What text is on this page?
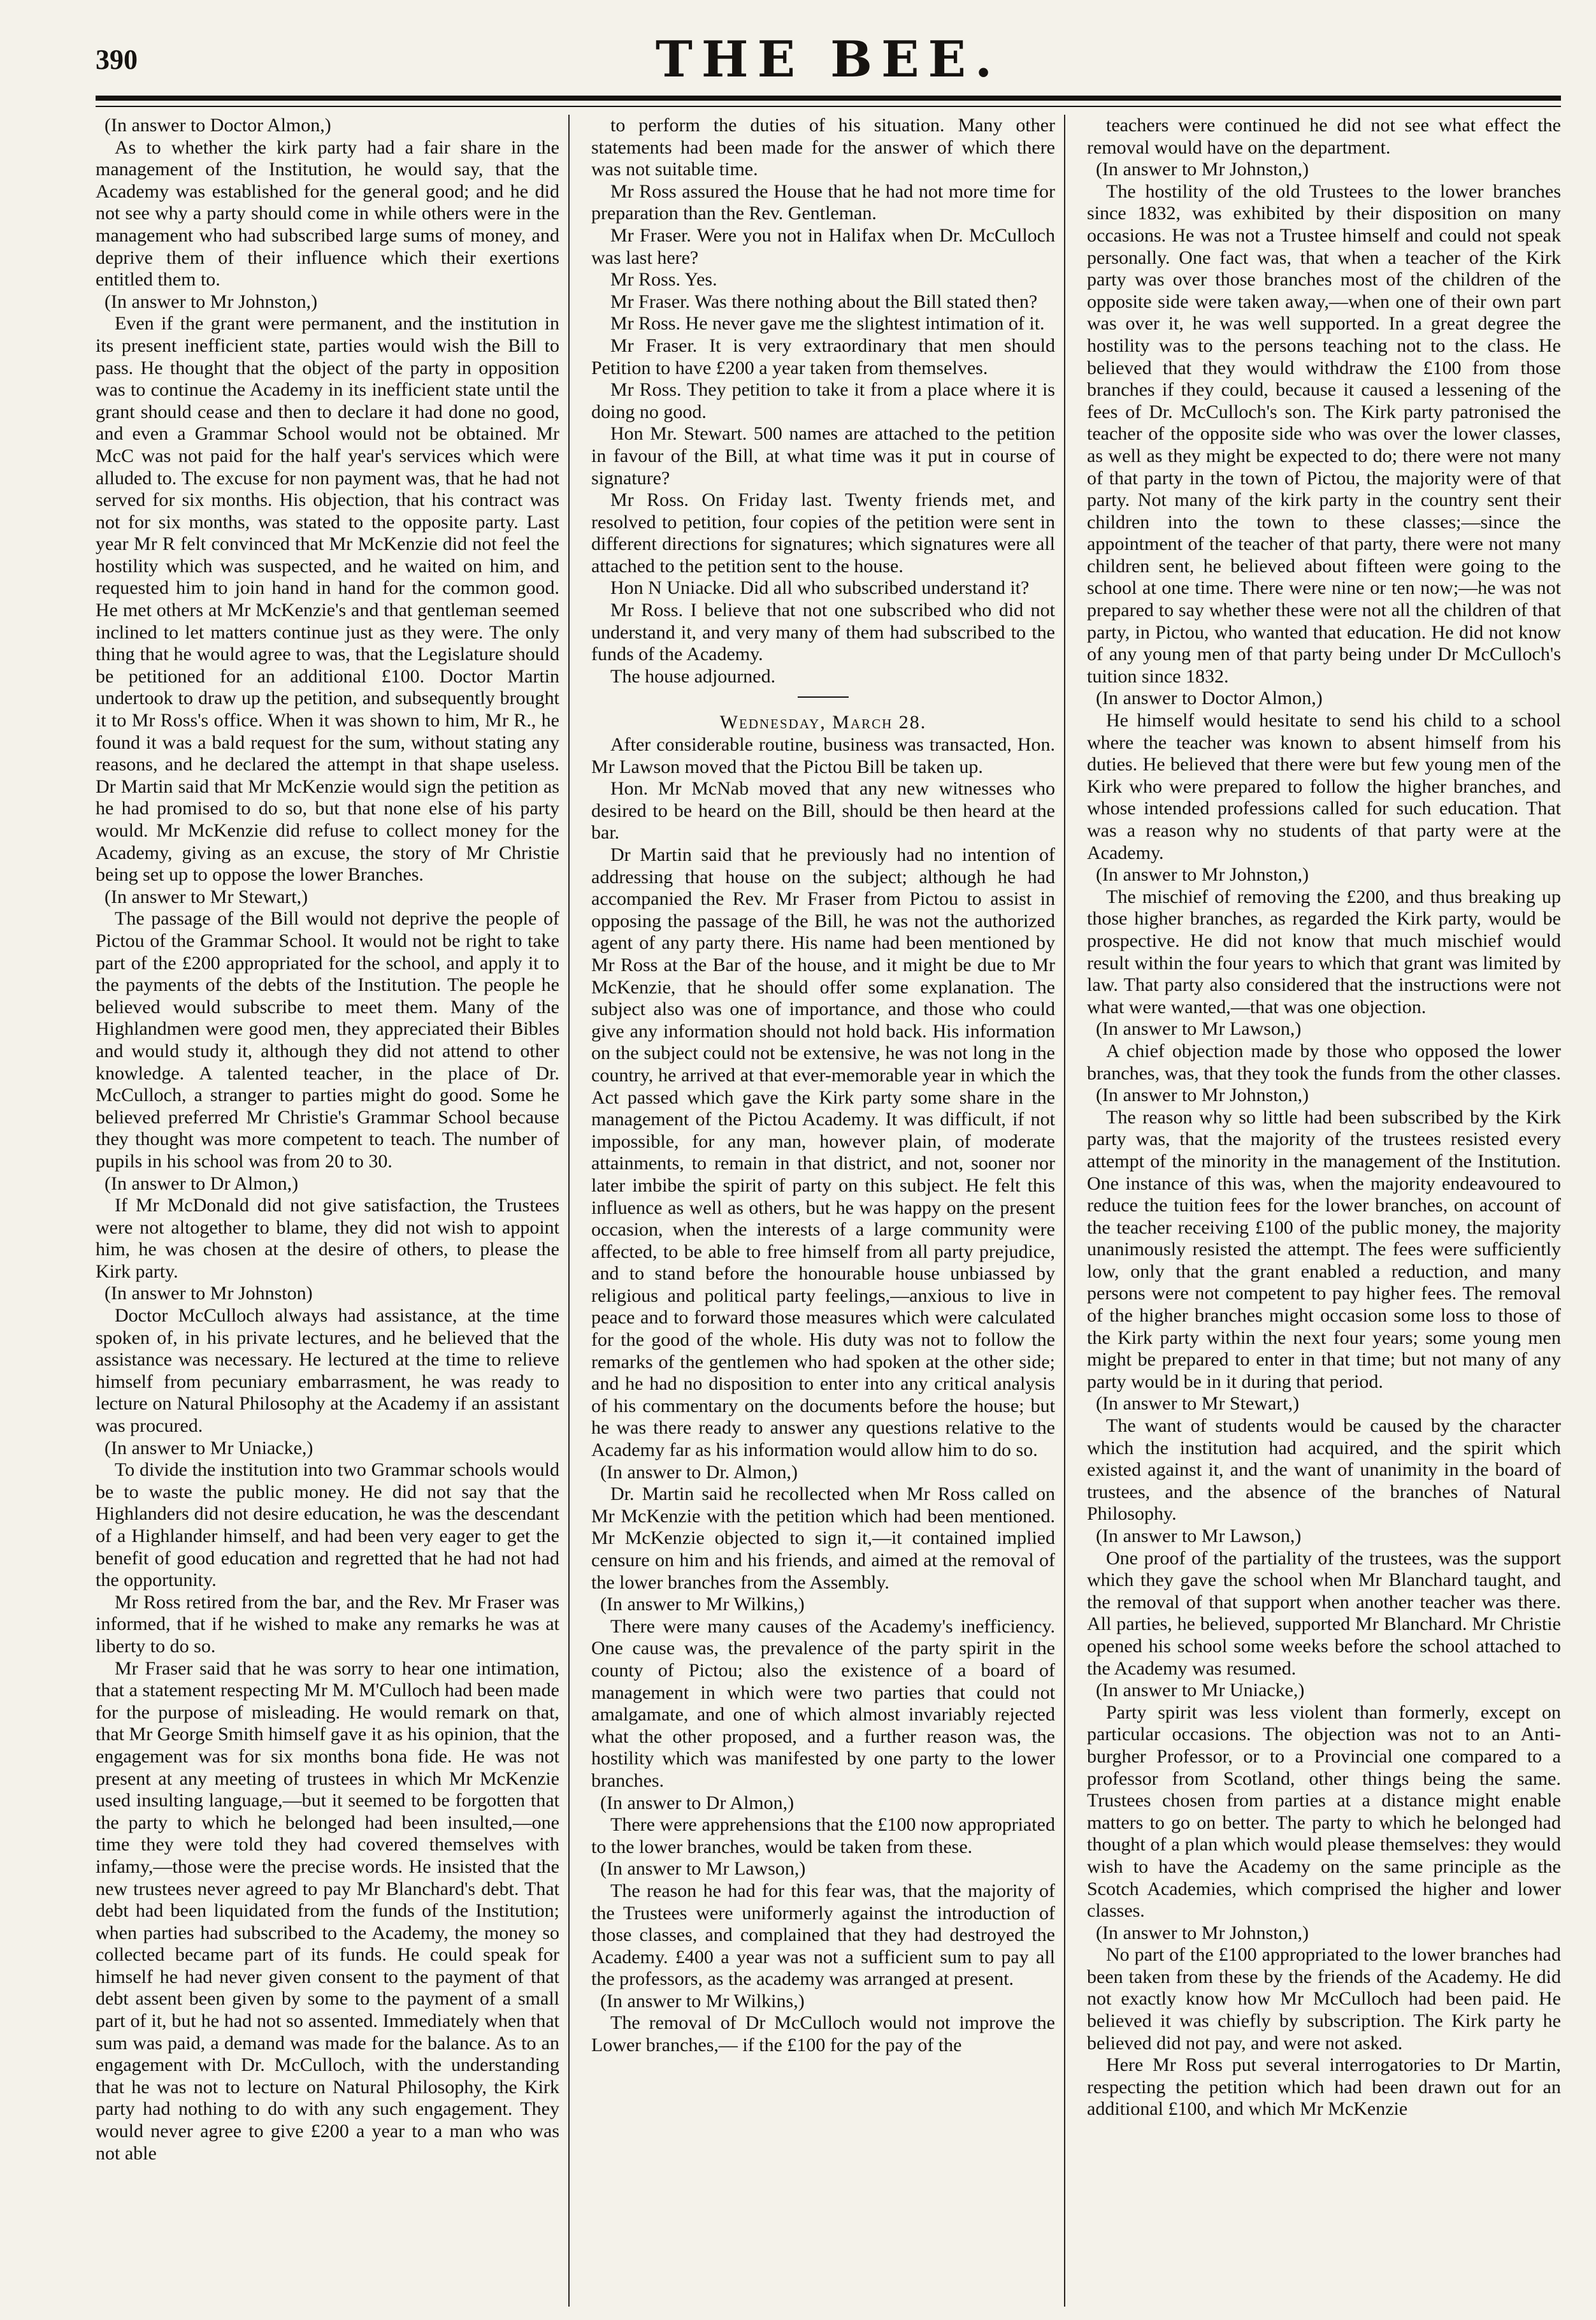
390	THE BEE.

(In answer to Doctor Almon,)

As to whether the kirk party had a fair share in the management of the Institution, he would say, that the Academy was established for the general good; and he did not see why a party should come in while others were in the management who had subscribed large sums of money, and deprive them of their influence which their exertions entitled them to.

(In answer to Mr Johnston,)

Even if the grant were permanent, and the institution in its present inefficient state, parties would wish the Bill to pass. He thought that the object of the party in opposition was to continue the Academy in its inefficient state until the grant should cease and then to declare it had done no good, and even a Grammar School would not be obtained. Mr McC was not paid for the half year's services which were alluded to. The excuse for non payment was, that he had not served for six months. His objection, that his contract was not for six months, was stated to the opposite party. Last year Mr R felt convinced that Mr McKenzie did not feel the hostility which was suspected, and he waited on him, and requested him to join hand in hand for the common good. He met others at Mr McKenzie's and that gentleman seemed inclined to let matters continue just as they were. The only thing that he would agree to was, that the Legislature should be petitioned for an additional £100. Doctor Martin undertook to draw up the petition, and subsequently brought it to Mr Ross's office. When it was shown to him, Mr R., he found it was a bald request for the sum, without stating any reasons, and he declared the attempt in that shape useless. Dr Martin said that Mr McKenzie would sign the petition as he had promised to do so, but that none else of his party would. Mr McKenzie did refuse to collect money for the Academy, giving as an excuse, the story of Mr Christie being set up to oppose the lower Branches.

(In answer to Mr Stewart,)

The passage of the Bill would not deprive the people of Pictou of the Grammar School. It would not be right to take part of the £200 appropriated for the school, and apply it to the payments of the debts of the Institution. The people he believed would subscribe to meet them. Many of the Highlandmen were good men, they appreciated their Bibles and would study it, although they did not attend to other knowledge. A talented teacher, in the place of Dr. McCulloch, a stranger to parties might do good. Some he believed preferred Mr Christie's Grammar School because they thought was more competent to teach. The number of pupils in his school was from 20 to 30.

(In answer to Dr Almon,)

If Mr McDonald did not give satisfaction, the Trustees were not altogether to blame, they did not wish to appoint him, he was chosen at the desire of others, to please the Kirk party.

(In answer to Mr Johnston)

Doctor McCulloch always had assistance, at the time spoken of, in his private lectures, and he believed that the assistance was necessary. He lectured at the time to relieve himself from pecuniary embarrasment, he was ready to lecture on Natural Philosophy at the Academy if an assistant was procured.

(In answer to Mr Uniacke,)

To divide the institution into two Grammar schools would be to waste the public money. He did not say that the Highlanders did not desire education, he was the descendant of a Highlander himself, and had been very eager to get the benefit of good education and regretted that he had not had the opportunity.

Mr Ross retired from the bar, and the Rev. Mr Fraser was informed, that if he wished to make any remarks he was at liberty to do so.

Mr Fraser said that he was sorry to hear one intimation, that a statement respecting Mr M. M'Culloch had been made for the purpose of misleading. He would remark on that, that Mr George Smith himself gave it as his opinion, that the engagement was for six months bona fide. He was not present at any meeting of trustees in which Mr McKenzie used insulting language,—but it seemed to be forgotten that the party to which he belonged had been insulted,—one time they were told they had covered themselves with infamy,—those were the precise words. He insisted that the new trustees never agreed to pay Mr Blanchard's debt. That debt had been liquidated from the funds of the Institution; when parties had subscribed to the Academy, the money so collected became part of its funds. He could speak for himself he had never given consent to the payment of that debt assent been given by some to the payment of a small part of it, but he had not so assented. Immediately when that sum was paid, a demand was made for the balance. As to an engagement with Dr. McCulloch, with the understanding that he was not to lecture on Natural Philosophy, the Kirk party had nothing to do with any such engagement. They would never agree to give £200 a year to a man who was not able

to perform the duties of his situation. Many other statements had been made for the answer of which there was not suitable time.

Mr Ross assured the House that he had not more time for preparation than the Rev. Gentleman.

Mr Fraser. Were you not in Halifax when Dr. McCulloch was last here?

Mr Ross. Yes.

Mr Fraser. Was there nothing about the Bill stated then?

Mr Ross. He never gave me the slightest intimation of it.

Mr Fraser. It is very extraordinary that men should Petition to have £200 a year taken from themselves.

Mr Ross. They petition to take it from a place where it is doing no good.

Hon Mr. Stewart. 500 names are attached to the petition in favour of the Bill, at what time was it put in course of signature?

Mr Ross. On Friday last. Twenty friends met, and resolved to petition, four copies of the petition were sent in different directions for signatures; which signatures were all attached to the petition sent to the house.

Hon N Uniacke. Did all who subscribed understand it?

Mr Ross. I believe that not one subscribed who did not understand it, and very many of them had subscribed to the funds of the Academy.

The house adjourned.

Wednesday, March 28.

After considerable routine, business was transacted, Hon. Mr Lawson moved that the Pictou Bill be taken up.

Hon. Mr McNab moved that any new witnesses who desired to be heard on the Bill, should be then heard at the bar.

Dr Martin said that he previously had no intention of addressing that house on the subject; although he had accompanied the Rev. Mr Fraser from Pictou to assist in opposing the passage of the Bill, he was not the authorized agent of any party there. His name had been mentioned by Mr Ross at the Bar of the house, and it might be due to Mr McKenzie, that he should offer some explanation. The subject also was one of importance, and those who could give any information should not hold back. His information on the subject could not be extensive, he was not long in the country, he arrived at that ever-memorable year in which the Act passed which gave the Kirk party some share in the management of the Pictou Academy. It was difficult, if not impossible, for any man, however plain, of moderate attainments, to remain in that district, and not, sooner nor later imbibe the spirit of party on this subject. He felt this influence as well as others, but he was happy on the present occasion, when the interests of a large community were affected, to be able to free himself from all party prejudice, and to stand before the honourable house unbiassed by religious and political party feelings,—anxious to live in peace and to forward those measures which were calculated for the good of the whole. His duty was not to follow the remarks of the gentlemen who had spoken at the other side; and he had no disposition to enter into any critical analysis of his commentary on the documents before the house; but he was there ready to answer any questions relative to the Academy far as his information would allow him to do so.

(In answer to Dr. Almon,)

Dr. Martin said he recollected when Mr Ross called on Mr McKenzie with the petition which had been mentioned. Mr McKenzie objected to sign it,—it contained implied censure on him and his friends, and aimed at the removal of the lower branches from the Assembly.

(In answer to Mr Wilkins,)

There were many causes of the Academy's inefficiency. One cause was, the prevalence of the party spirit in the county of Pictou; also the existence of a board of management in which were two parties that could not amalgamate, and one of which almost invariably rejected what the other proposed, and a further reason was, the hostility which was manifested by one party to the lower branches.

(In answer to Dr Almon,)

There were apprehensions that the £100 now appropriated to the lower branches, would be taken from these.

(In answer to Mr Lawson,)

The reason he had for this fear was, that the majority of the Trustees were uniformerly against the introduction of those classes, and complained that they had destroyed the Academy. £400 a year was not a sufficient sum to pay all the professors, as the academy was arranged at present.

(In answer to Mr Wilkins,)

The removal of Dr McCulloch would not improve the Lower branches,— if the £100 for the pay of the

teachers were continued he did not see what effect the removal would have on the department.

(In answer to Mr Johnston,)

The hostility of the old Trustees to the lower branches since 1832, was exhibited by their disposition on many occasions. He was not a Trustee himself and could not speak personally. One fact was, that when a teacher of the Kirk party was over those branches most of the children of the opposite side were taken away,—when one of their own part was over it, he was well supported. In a great degree the hostility was to the persons teaching not to the class. He believed that they would withdraw the £100 from those branches if they could, because it caused a lessening of the fees of Dr. McCulloch's son. The Kirk party patronised the teacher of the opposite side who was over the lower classes, as well as they might be expected to do; there were not many of that party in the town of Pictou, the majority were of that party. Not many of the kirk party in the country sent their children into the town to these classes;—since the appointment of the teacher of that party, there were not many children sent, he believed about fifteen were going to the school at one time. There were nine or ten now;—he was not prepared to say whether these were not all the children of that party, in Pictou, who wanted that education. He did not know of any young men of that party being under Dr McCulloch's tuition since 1832.

(In answer to Doctor Almon,)

He himself would hesitate to send his child to a school where the teacher was known to absent himself from his duties. He believed that there were but few young men of the Kirk who were prepared to follow the higher branches, and whose intended professions called for such education. That was a reason why no students of that party were at the Academy.

(In answer to Mr Johnston,)

The mischief of removing the £200, and thus breaking up those higher branches, as regarded the Kirk party, would be prospective. He did not know that much mischief would result within the four years to which that grant was limited by law. That party also considered that the instructions were not what were wanted,—that was one objection.

(In answer to Mr Lawson,)

A chief objection made by those who opposed the lower branches, was, that they took the funds from the other classes.

(In answer to Mr Johnston,)

The reason why so little had been subscribed by the Kirk party was, that the majority of the trustees resisted every attempt of the minority in the management of the Institution. One instance of this was, when the majority endeavoured to reduce the tuition fees for the lower branches, on account of the teacher receiving £100 of the public money, the majority unanimously resisted the attempt. The fees were sufficiently low, only that the grant enabled a reduction, and many persons were not competent to pay higher fees. The removal of the higher branches might occasion some loss to those of the Kirk party within the next four years; some young men might be prepared to enter in that time; but not many of any party would be in it during that period.

(In answer to Mr Stewart,)

The want of students would be caused by the character which the institution had acquired, and the spirit which existed against it, and the want of unanimity in the board of trustees, and the absence of the branches of Natural Philosophy.

(In answer to Mr Lawson,)

One proof of the partiality of the trustees, was the support which they gave the school when Mr Blanchard taught, and the removal of that support when another teacher was there. All parties, he believed, supported Mr Blanchard. Mr Christie opened his school some weeks before the school attached to the Academy was resumed.

(In answer to Mr Uniacke,)

Party spirit was less violent than formerly, except on particular occasions. The objection was not to an Anti-burgher Professor, or to a Provincial one compared to a professor from Scotland, other things being the same. Trustees chosen from parties at a distance might enable matters to go on better. The party to which he belonged had thought of a plan which would please themselves: they would wish to have the Academy on the same principle as the Scotch Academies, which comprised the higher and lower classes.

(In answer to Mr Johnston,)

No part of the £100 appropriated to the lower branches had been taken from these by the friends of the Academy. He did not exactly know how Mr McCulloch had been paid. He believed it was chiefly by subscription. The Kirk party he believed did not pay, and were not asked.

Here Mr Ross put several interrogatories to Dr Martin, respecting the petition which had been drawn out for an additional £100, and which Mr McKenzie
